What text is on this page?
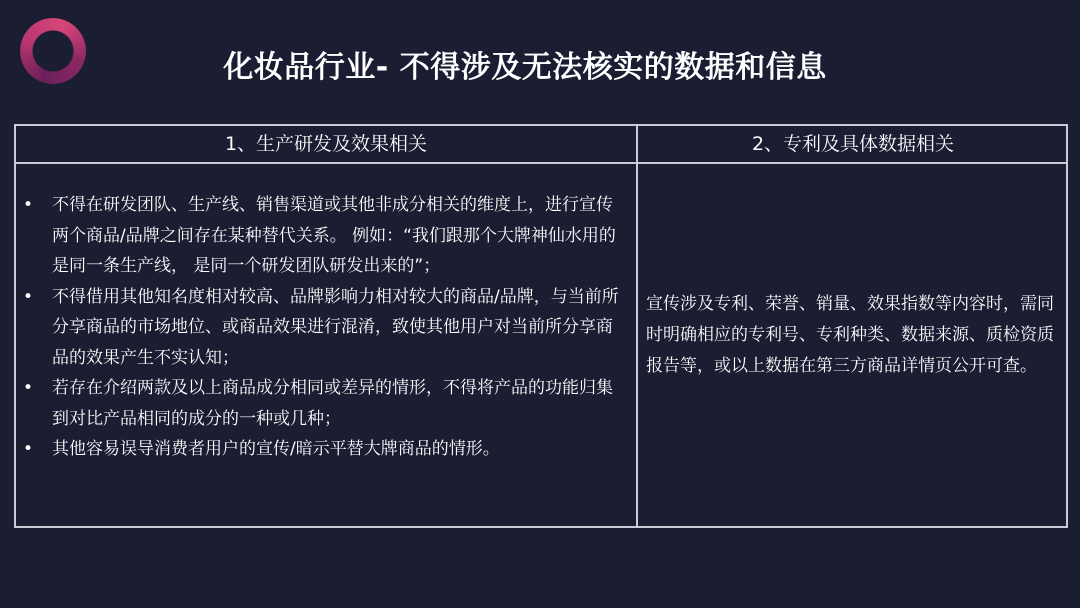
化妆品行业- 不得涉及无法核实的数据和信息
1、生产研发及效果相关	2、专利及具体数据相关
• 不得在研发团队、生产线、销售渠道或其他非成分相关的维度上，进行宣传两个商品/品牌之间存在某种替代关系。 例如：“我们跟那个大牌神仙水用的是同一条生产线， 是同一个研发团队研发出来的”；
• 不得借用其他知名度相对较高、品牌影响力相对较大的商品/品牌，与当前所分享商品的市场地位、或商品效果进行混淆，致使其他用户对当前所分享商品的效果产生不实认知；
• 若存在介绍两款及以上商品成分相同或差异的情形，不得将产品的功能归集到对比产品相同的成分的一种或几种；
• 其他容易误导消费者用户的宣传/暗示平替大牌商品的情形。
宣传涉及专利、荣誉、销量、效果指数等内容时，需同时明确相应的专利号、专利种类、数据来源、质检资质报告等，或以上数据在第三方商品详情页公开可查。
